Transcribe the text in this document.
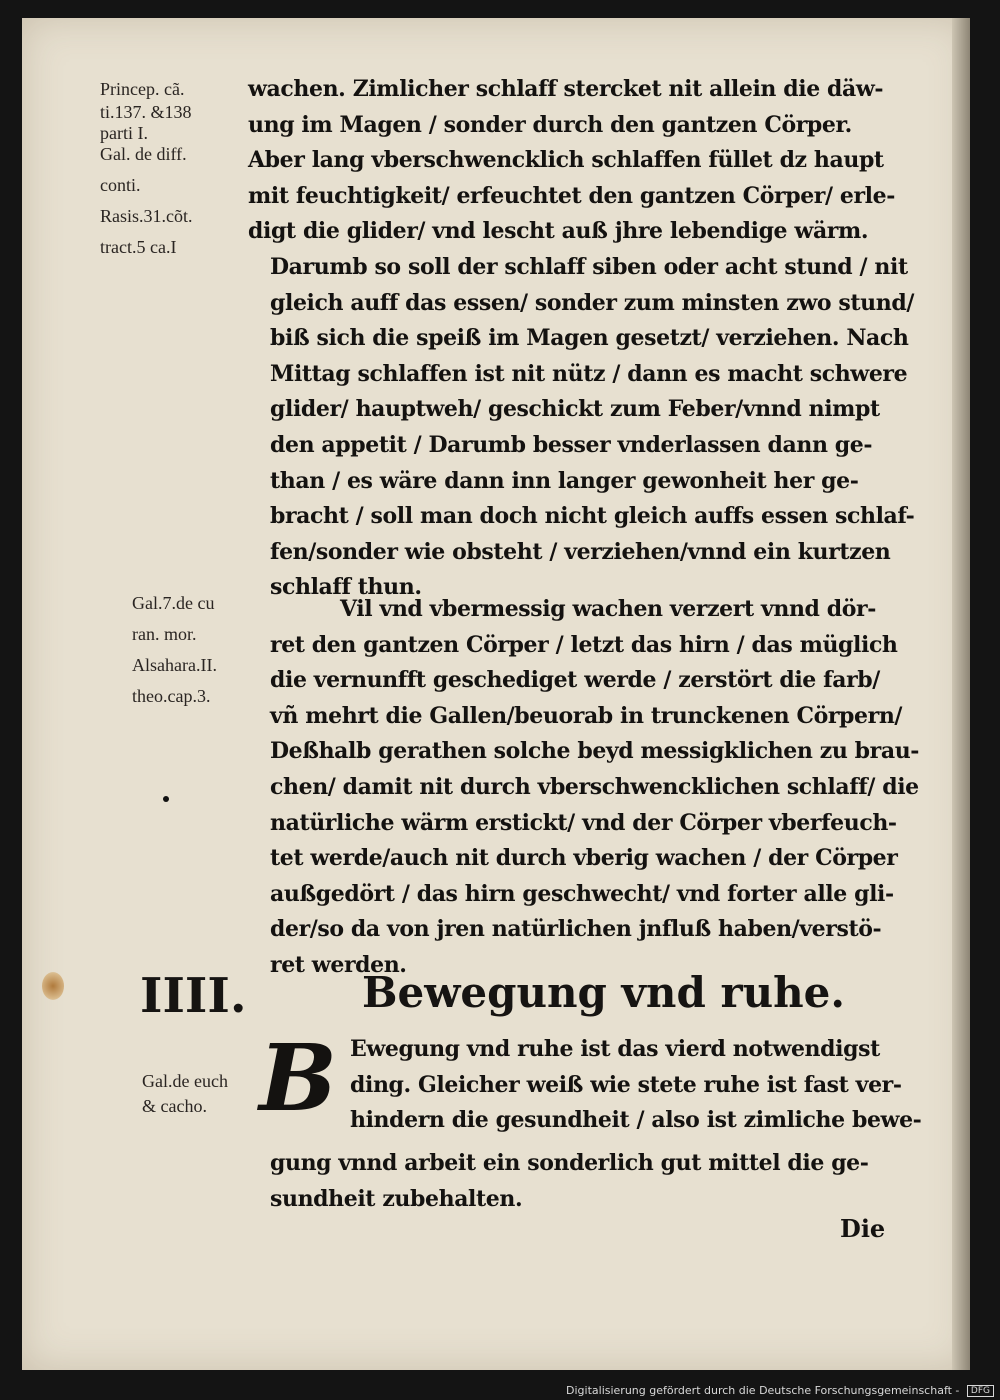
Princep. cã.
ti.137. &138
parti I.
Gal. de diff.
conti.
Rasis.31.cõt.
tract.5 ca.I
Gal.7.de cu
ran. mor.
Alsahara.II.
theo.cap.3.
wachen. Zimlicher schlaff stercket nit allein die däw-
ung im Magen / sonder durch den gantzen Cörper.
Aber lang vberschwencklich schlaffen füllet dz haupt
mit feuchtigkeit/ erfeuchtet den gantzen Cörper/ erle-
digt die glider/ vnd lescht auß jhre lebendige wärm.
Darumb so soll der schlaff siben oder acht stund / nit
gleich auff das essen/ sonder zum minsten zwo stund/
biß sich die speiß im Magen gesetzt/ verziehen. Nach
Mittag schlaffen ist nit nütz / dann es macht schwere
glider/ hauptweh/ geschickt zum Feber/vnnd nimpt
den appetit / Darumb besser vnderlassen dann ge-
than / es wäre dann inn langer gewonheit her ge-
bracht / soll man doch nicht gleich auffs essen schlaf-
fen/sonder wie obsteht / verziehen/vnnd ein kurtzen
schlaff thun.
Vil vnd vbermessig wachen verzert vnnd dör-
ret den gantzen Cörper / letzt das hirn / das müglich
die vernunfft geschediget werde / zerstört die farb/
vñ mehrt die Gallen/beuorab in trunckenen Cörpern/
Deßhalb gerathen solche beyd messigklichen zu brau-
chen/ damit nit durch vberschwencklichen schlaff/ die
natürliche wärm erstickt/ vnd der Cörper vberfeuch-
tet werde/auch nit durch vberig wachen / der Cörper
außgedört / das hirn geschwecht/ vnd forter alle gli-
der/so da von jren natürlichen jnfluß haben/verstö-
ret werden.
IIII.	Bewegung vnd ruhe.
Gal.de euch
& cacho. B Ewegung vnd ruhe ist das vierd notwendigst
ding. Gleicher weiß wie stete ruhe ist fast ver-
hindern die gesundheit / also ist zimliche bewe-
gung vnnd arbeit ein sonderlich gut mittel die ge-
sundheit zubehalten.
Die
Digitalisierung gefördert durch die Deutsche Forschungsgemeinschaft - DFG
